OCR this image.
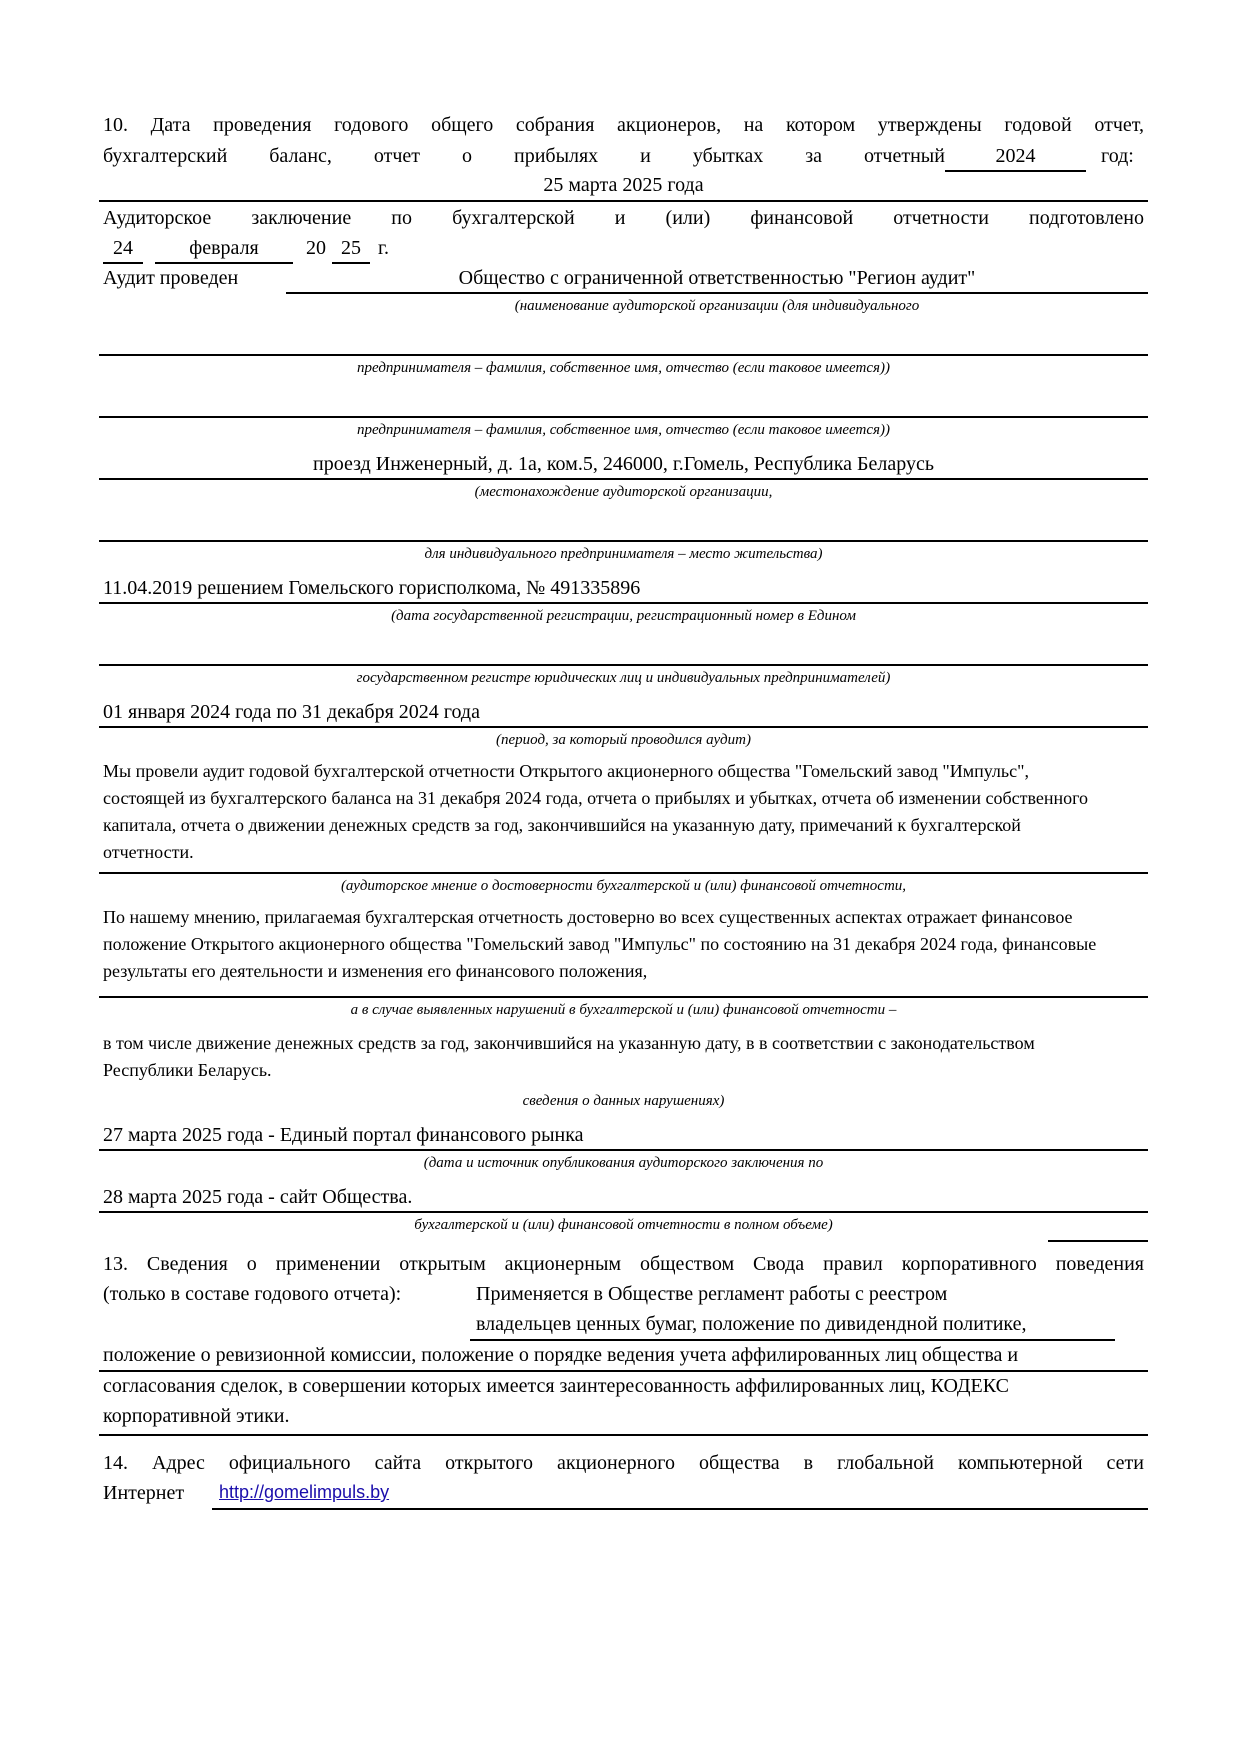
10. Дата проведения годового общего собрания акционеров, на котором утверждены годовой отчет,
бухгалтерский баланс, отчет о прибылях и убытках за отчетный	2024	год:
25 марта 2025 года
Аудиторское заключение по бухгалтерской и (или) финансовой отчетности подготовлено
24	февраля	20 25 г.
Аудит проведен	Общество с ограниченной ответственностью "Регион аудит"
(наименование аудиторской организации (для индивидуального
предпринимателя – фамилия, собственное имя, отчество (если таковое имеется))
предпринимателя – фамилия, собственное имя, отчество (если таковое имеется))
проезд Инженерный, д. 1а, ком.5, 246000, г.Гомель, Республика Беларусь
(местонахождение аудиторской организации,
для индивидуального предпринимателя – место жительства)
11.04.2019 решением Гомельского горисполкома, № 491335896
(дата государственной регистрации, регистрационный номер в Едином
государственном регистре юридических лиц и индивидуальных предпринимателей)
01 января 2024 года по 31 декабря 2024 года
(период, за который проводился аудит)
Мы провели аудит годовой бухгалтерской отчетности Открытого акционерного общества "Гомельский завод "Импульс", состоящей из бухгалтерского баланса на 31 декабря 2024 года, отчета о прибылях и убытках, отчета об изменении собственного капитала, отчета о движении денежных средств за год, закончившийся на указанную дату, примечаний к бухгалтерской отчетности.
(аудиторское мнение о достоверности бухгалтерской и (или) финансовой отчетности,
По нашему мнению, прилагаемая бухгалтерская отчетность достоверно во всех существенных аспектах отражает финансовое положение Открытого акционерного общества "Гомельский завод "Импульс" по состоянию на 31 декабря 2024 года, финансовые результаты его деятельности и изменения его финансового положения,
а в случае выявленных нарушений в бухгалтерской и (или) финансовой отчетности –
в том числе движение денежных средств за год, закончившийся на указанную дату, в в соответствии с законодательством Республики Беларусь.
сведения о данных нарушениях)
27 марта 2025 года - Единый портал финансового рынка
(дата и источник опубликования аудиторского заключения по
28 марта 2025 года - сайт Общества.
бухгалтерской и (или) финансовой отчетности в полном объеме)
13. Сведения о применении открытым акционерным обществом Свода правил корпоративного поведения
(только в составе годового отчета):	Применяется в Обществе регламент работы с реестром
владельцев ценных бумаг, положение по дивидендной политике,
положение о ревизионной комиссии, положение о порядке ведения учета аффилированных лиц общества и
согласования сделок, в совершении которых имеется заинтересованность аффилированных лиц, КОДЕКС
корпоративной этики.
14. Адрес официального сайта открытого акционерного общества в глобальной компьютерной сети
Интернет http://gomelimpuls.by
